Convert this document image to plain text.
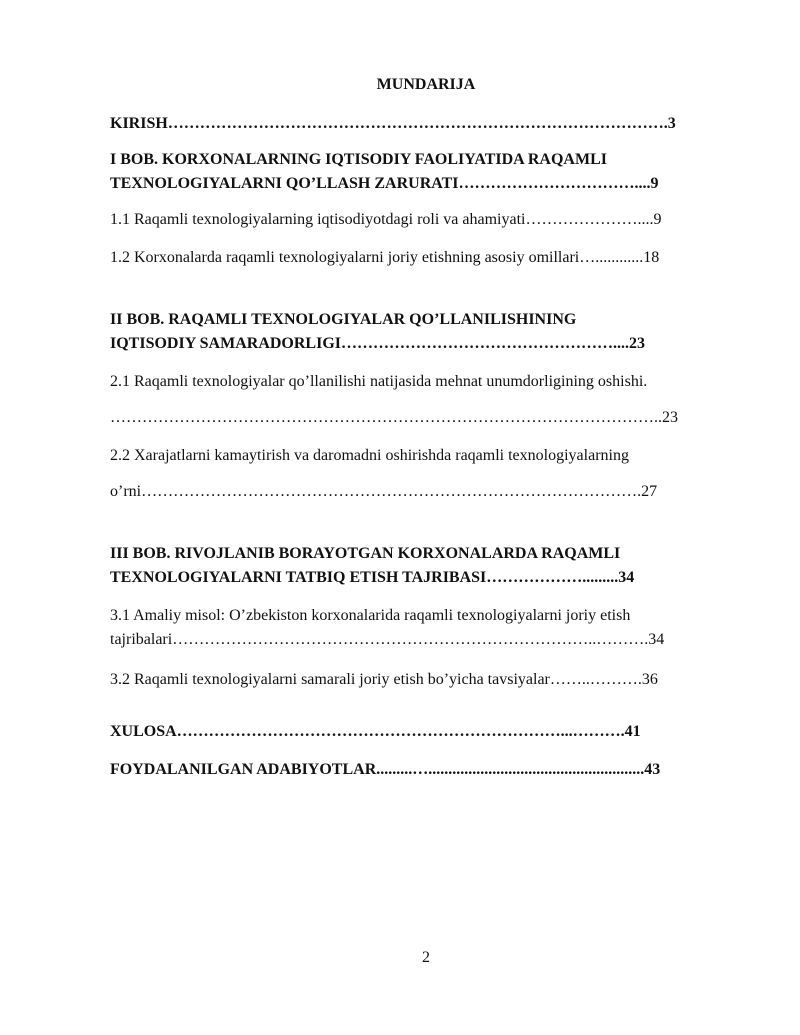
MUNDARIJA
KIRISH………………………………………………………………………………….3
I BOB. KORXONALARNING IQTISODIY FAOLIYATIDA RAQAMLI
TEXNOLOGIYALARNI QO’LLASH ZARURATI……………………………....9
1.1 Raqamli texnologiyalarning iqtisodiyotdagi roli va ahamiyati…………………....9
1.2 Korxonalarda raqamli texnologiyalarni joriy etishning asosiy omillari…............18
II BOB. RAQAMLI TEXNOLOGIYALAR QO’LLANILISHINING
IQTISODIY SAMARADORLIGI……………………………………………....23
2.1 Raqamli texnologiyalar qo’llanilishi natijasida mehnat unumdorligining oshishi.
…………………………………………………………………………………………..23
2.2 Xarajatlarni kamaytirish va daromadni oshirishda raqamli texnologiyalarning
o’rni………………………………………………………………………………….27
III BOB. RIVOJLANIB BORAYOTGAN KORXONALARDA RAQAMLI
TEXNOLOGIYALARNI TATBIQ ETISH TAJRIBASI……………….........34
3.1 Amaliy misol: O’zbekiston korxonalarida raqamli texnologiyalarni joriy etish
tajribalari……………………………………………………………………..……….34
3.2 Raqamli texnologiyalarni samarali joriy etish bo’yicha tavsiyalar……..……….36
XULOSA………………………………………………………………...……….41
FOYDALANILGAN ADABIYOTLAR.........…......................................................43
2
